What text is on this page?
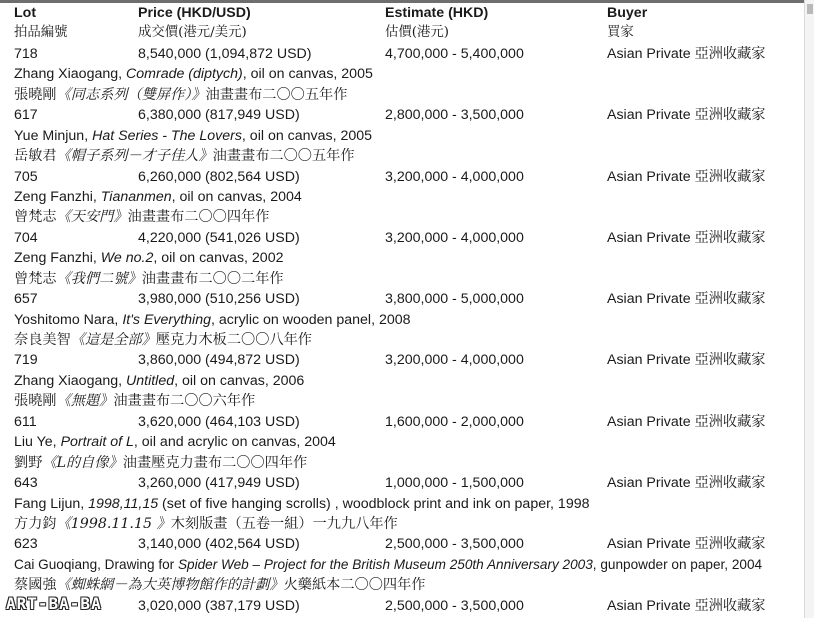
Lot	Price (HKD/USD)	Estimate (HKD)	Buyer
拍品編號	成交價(港元/美元)	估價(港元)	買家
718	8,540,000 (1,094,872 USD)	4,700,000 - 5,400,000	Asian Private 亞洲收藏家
Zhang Xiaogang, Comrade (diptych), oil on canvas, 2005
張曉剛《同志系列（雙屏作）》油畫畫布二〇〇五年作
617	6,380,000 (817,949 USD)	2,800,000 - 3,500,000	Asian Private 亞洲收藏家
Yue Minjun, Hat Series - The Lovers, oil on canvas, 2005
岳敏君《帽子系列－才子佳人》油畫畫布二〇〇五年作
705	6,260,000 (802,564 USD)	3,200,000 - 4,000,000	Asian Private 亞洲收藏家
Zeng Fanzhi, Tiananmen, oil on canvas, 2004
曾梵志《天安門》油畫畫布二〇〇四年作
704	4,220,000 (541,026 USD)	3,200,000 - 4,000,000	Asian Private 亞洲收藏家
Zeng Fanzhi, We no.2, oil on canvas, 2002
曾梵志《我們二號》油畫畫布二〇〇二年作
657	3,980,000 (510,256 USD)	3,800,000 - 5,000,000	Asian Private 亞洲收藏家
Yoshitomo Nara, It's Everything, acrylic on wooden panel, 2008
奈良美智《這是全部》壓克力木板二〇〇八年作
719	3,860,000 (494,872 USD)	3,200,000 - 4,000,000	Asian Private 亞洲收藏家
Zhang Xiaogang, Untitled, oil on canvas, 2006
張曉剛《無題》油畫畫布二〇〇六年作
611	3,620,000 (464,103 USD)	1,600,000 - 2,000,000	Asian Private 亞洲收藏家
Liu Ye, Portrait of L, oil and acrylic on canvas, 2004
劉野《L的自像》油畫壓克力畫布二〇〇四年作
643	3,260,000 (417,949 USD)	1,000,000 - 1,500,000	Asian Private 亞洲收藏家
Fang Lijun, 1998,11,15 (set of five hanging scrolls) , woodblock print and ink on paper, 1998
方力鈞《1998.11.15 》木刻版畫（五卷一組）一九九八年作
623	3,140,000 (402,564 USD)	2,500,000 - 3,500,000	Asian Private 亞洲收藏家
Cai Guoqiang, Drawing for Spider Web – Project for the British Museum 250th Anniversary 2003, gunpowder on paper, 2004
蔡國強《蜘蛛網－為大英博物館作的計劃》火藥紙本二〇〇四年作
3,020,000 (387,179 USD)	2,500,000 - 3,500,000	Asian Private 亞洲收藏家
ART-BA-BA
